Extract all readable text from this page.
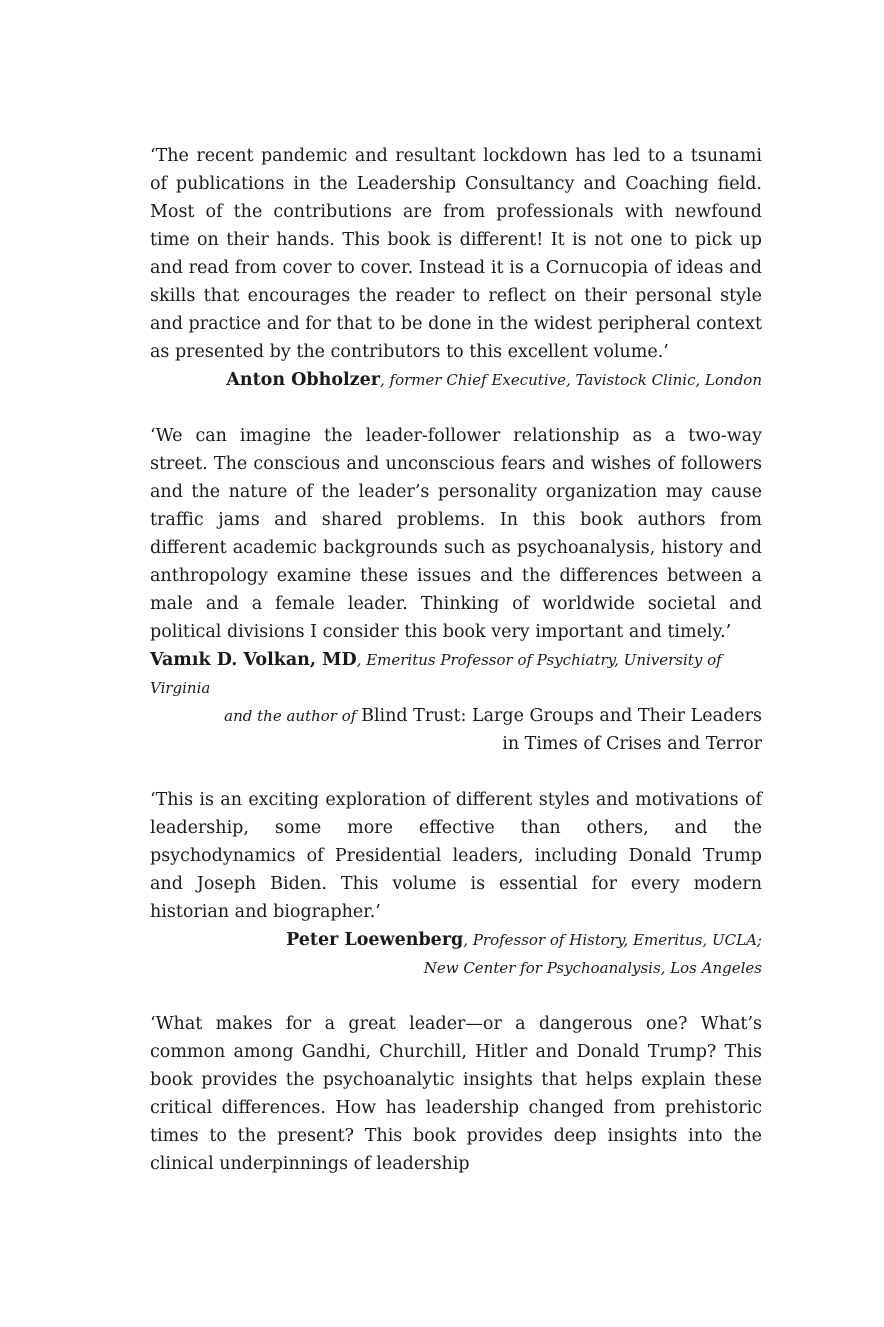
‘The recent pandemic and resultant lockdown has led to a tsunami of publications in the Leadership Consultancy and Coaching field. Most of the contributions are from professionals with newfound time on their hands. This book is different! It is not one to pick up and read from cover to cover. Instead it is a Cornucopia of ideas and skills that encourages the reader to reflect on their personal style and practice and for that to be done in the widest peripheral context as presented by the contributors to this excellent volume.’

Anton Obholzer, former Chief Executive, Tavistock Clinic, London

‘We can imagine the leader-follower relationship as a two-way street. The conscious and unconscious fears and wishes of followers and the nature of the leader’s personality organization may cause traffic jams and shared problems. In this book authors from different academic backgrounds such as psychoanalysis, history and anthropology examine these issues and the differences between a male and a female leader. Thinking of worldwide societal and political divisions I consider this book very important and timely.’

Vamık D. Volkan, MD, Emeritus Professor of Psychiatry, University of Virginia

and the author of Blind Trust: Large Groups and Their Leaders in Times of Crises and Terror

‘This is an exciting exploration of different styles and motivations of leadership, some more effective than others, and the psychodynamics of Presidential leaders, including Donald Trump and Joseph Biden. This volume is essential for every modern historian and biographer.’

Peter Loewenberg, Professor of History, Emeritus, UCLA;

New Center for Psychoanalysis, Los Angeles

‘What makes for a great leader—or a dangerous one? What’s common among Gandhi, Churchill, Hitler and Donald Trump? This book provides the psychoanalytic insights that helps explain these critical differences. How has leadership changed from prehistoric times to the present? This book provides deep insights into the clinical underpinnings of leadership
